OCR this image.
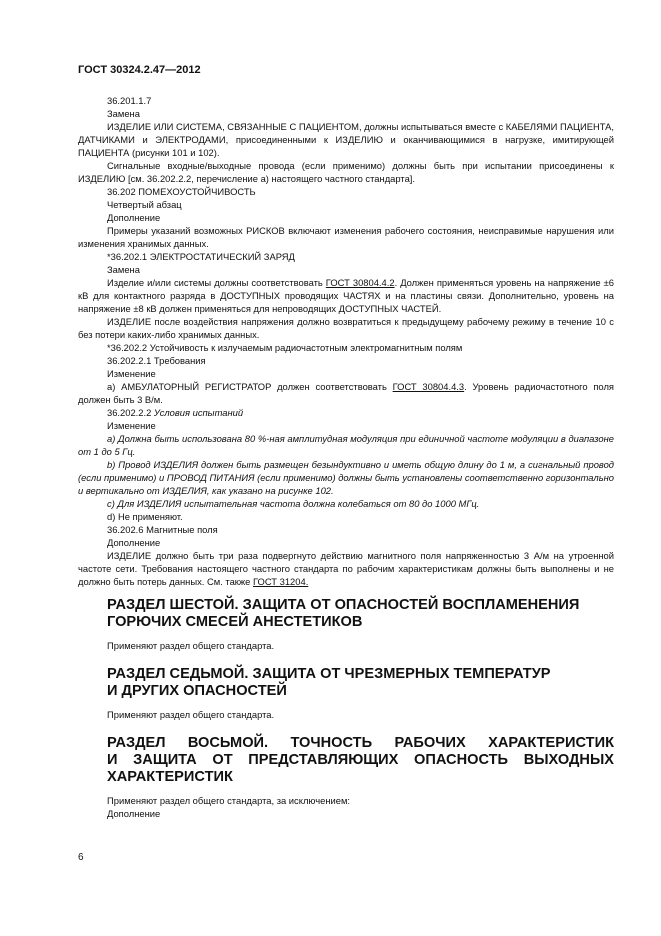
ГОСТ 30324.2.47—2012

36.201.1.7

Замена

ИЗДЕЛИЕ ИЛИ СИСТЕМА, СВЯЗАННЫЕ С ПАЦИЕНТОМ, должны испытываться вместе с КАБЕЛЯМИ ПАЦИЕНТА, ДАТЧИКАМИ и ЭЛЕКТРОДАМИ, присоединенными к ИЗДЕЛИЮ и оканчивающимися в нагрузке, имитирующей ПАЦИЕНТА (рисунки 101 и 102).

Сигнальные входные/выходные провода (если применимо) должны быть при испытании присоединены к ИЗДЕЛИЮ [см. 36.202.2.2, перечисление а) настоящего частного стандарта].

36.202 ПОМЕХОУСТОЙЧИВОСТЬ

Четвертый абзац

Дополнение

Примеры указаний возможных РИСКОВ включают изменения рабочего состояния, неисправимые нарушения или изменения хранимых данных.

*36.202.1 ЭЛЕКТРОСТАТИЧЕСКИЙ ЗАРЯД

Замена

Изделие и/или системы должны соответствовать ГОСТ 30804.4.2. Должен применяться уровень на напряжение ±6 кВ для контактного разряда в ДОСТУПНЫХ проводящих ЧАСТЯХ и на пластины связи. Дополнительно, уровень на напряжение ±8 кВ должен применяться для непроводящих ДОСТУПНЫХ ЧАСТЕЙ.

ИЗДЕЛИЕ после воздействия напряжения должно возвратиться к предыдущему рабочему режиму в течение 10 с без потери каких-либо хранимых данных.

*36.202.2 Устойчивость к излучаемым радиочастотным электромагнитным полям

36.202.2.1 Требования

Изменение

а) АМБУЛАТОРНЫЙ РЕГИСТРАТОР должен соответствовать ГОСТ 30804.4.3. Уровень радиочастотного поля должен быть 3 В/м.

36.202.2.2 Условия испытаний

Изменение

а) Должна быть использована 80 %-ная амплитудная модуляция при единичной частоте модуляции в диапазоне от 1 до 5 Гц.

b) Провод ИЗДЕЛИЯ должен быть размещен безындуктивно и иметь общую длину до 1 м, а сигнальный провод (если применимо) и ПРОВОД ПИТАНИЯ (если применимо) должны быть установлены соответственно горизонтально и вертикально от ИЗДЕЛИЯ, как указано на рисунке 102.

с) Для ИЗДЕЛИЯ испытательная частота должна колебаться от 80 до 1000 МГц.

d) Не применяют.

36.202.6 Магнитные поля

Дополнение

ИЗДЕЛИЕ должно быть три раза подвергнуто действию магнитного поля напряженностью 3 А/м на утроенной частоте сети. Требования настоящего частного стандарта по рабочим характеристикам должны быть выполнены и не должно быть потерь данных. См. также ГОСТ 31204.

РАЗДЕЛ ШЕСТОЙ. ЗАЩИТА ОТ ОПАСНОСТЕЙ ВОСПЛАМЕНЕНИЯ

ГОРЮЧИХ СМЕСЕЙ АНЕСТЕТИКОВ

Применяют раздел общего стандарта.

РАЗДЕЛ СЕДЬМОЙ. ЗАЩИТА ОТ ЧРЕЗМЕРНЫХ ТЕМПЕРАТУР

И ДРУГИХ ОПАСНОСТЕЙ

Применяют раздел общего стандарта.

РАЗДЕЛ ВОСЬМОЙ. ТОЧНОСТЬ РАБОЧИХ ХАРАКТЕРИСТИК

И ЗАЩИТА ОТ ПРЕДСТАВЛЯЮЩИХ ОПАСНОСТЬ ВЫХОДНЫХ

ХАРАКТЕРИСТИК

Применяют раздел общего стандарта, за исключением:

Дополнение

6
